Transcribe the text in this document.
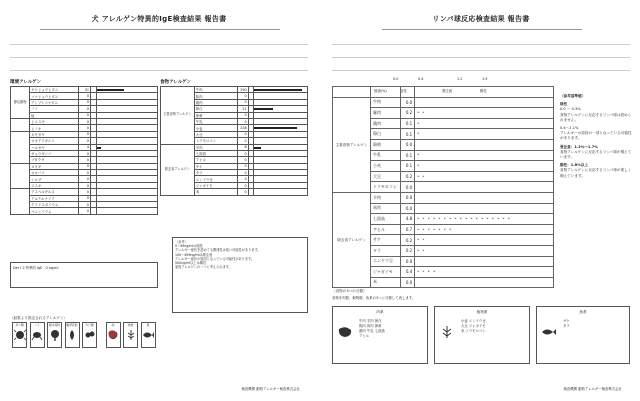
犬 アレルゲン特異的IgE検査結果 報告書
環境アレルゲン	食物アレルゲン
節足動物	ヤケヒョウヒダニ	31		

	コナヒョウヒダニ	0		
	アシブトコナダニ	0		
	ノミ	0		
	蚊	0		
	ヒメスギ	0		
	ヒノキ	0		
	カモガヤ	0		
	オオアワガエリ	0		
	ハルガヤ	4		

	ギョウギシバ	0		
	ブタクサ	0		
	ヨモギ	0		
	オオバコ	0		
	シロザ	0		
	ススキ	0		
	アスペルギルス	0		
	アルテルナリア	0		
	クラドスポリウム	0		
	ペニシリウム	0		
主要食物アレルゲン	牛肉	290		

	豚肉	0		
	鶏肉	0		
	卵白	21		

	卵黄	0		
	牛乳	0		
	小麦	238		

	大豆	0		
	トウモロコシ	0		
除去食アレルゲン	羊肉	8		

	七面鳥	0		
	アヒル	0		
	サケ	0		
	タラ	0		
	エンドウ豆	0		
	ジャガイモ	0		
	米	0		
Der f 2 特異的 IgE 0 ng/ml
〈参考〉
0〜99ng/mlは陰性
アレルギー症状を認めても関連性は低い可能性があります。
100〜499ng/mlは要注意
アレルギー症状の原因となっている可能性があります。
500ng/ml以上は陽性
原因アレルゲンの一つと考えられます。
〈結果より推定されるアレルゲン〉
ダニ類	ノミ	樹木花粉	雑草花粉	カビ類	肉	食物	魚
検査機関 動物アレルギー検査株式会社
リンパ球反応検査結果 報告書
0.0	0.4	1.2	1.9
数値(%)	陰性	要注意	陽性

主要食物アレルゲン	牛肉	0.0	
	豚肉	0.2	* *
	鶏肉	0.1	*
	卵白	0.1	*
	卵黄	0.0	
	牛乳	0.1	*
	小麦	0.1	*
	大豆	0.2	* *
	トウモロコシ	0.0	
除去食アレルゲン	羊肉	0.0	
	馬肉	0.0	
	七面鳥	4.8	* * * * * * * * * * * * * * * * * *
	アヒル	0.7	* * * * * * *
	サケ	0.2	* *
	タラ	0.2	* *
	エンドウ豆	0.0	
	ジャガイモ	0.4	* * * *
	米	0.0	
〈参考基準値〉
陰性
0.0 〜 0.3%
食物アレルゲンに反応するリンパ球は認められません。
0.4〜1.1%
アレルギーの原因の一部となっている可能性があります。
要注意：1.2%〜1.7%
食物アレルゲンに反応するリンパ球が増えています。
陽性：1.8%以上
食物アレルゲンに反応するリンパ球が著しく増えています。
〈食物の3つの分類〉
食物を肉類、穀物類、魚系の3つに分類して表します。
肉系
牛肉 羊肉 卵白
豚肉 馬肉 卵黄
鶏肉 牛乳 七面鳥
アヒル
植物系
小麦 エンドウ豆
大豆 ジャガイモ
米 トウモロコシ
魚系
サケ
タラ
検査機関 動物アレルギー検査株式会社
